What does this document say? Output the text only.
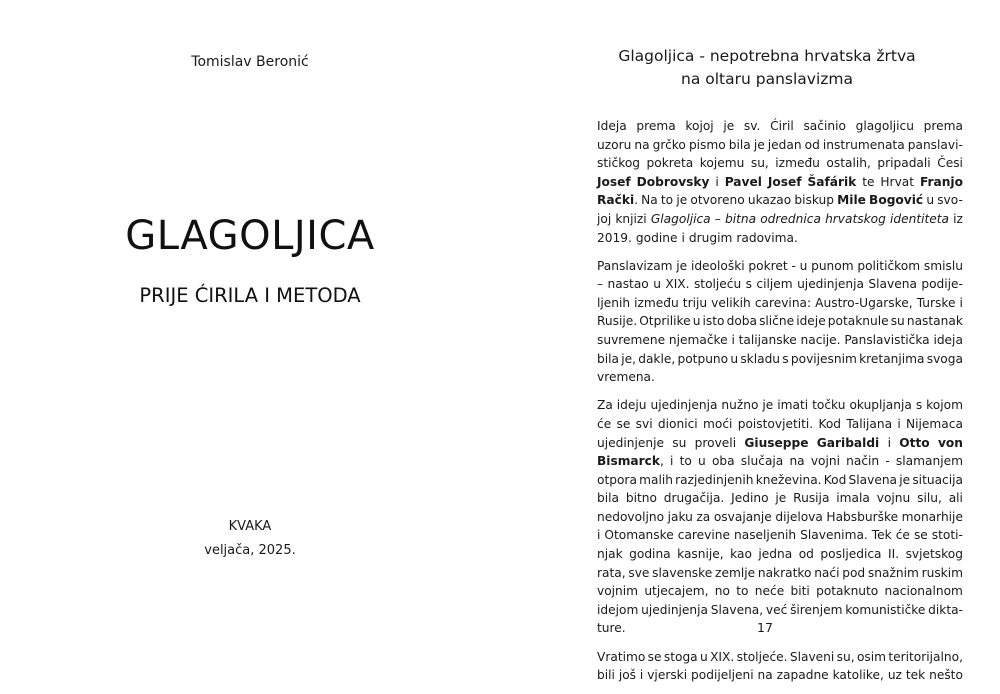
Tomislav Beronić
GLAGOLJICA
PRIJE ĆIRILA I METODA
KVAKA
veljača, 2025.
Glagoljica - nepotrebna hrvatska žrtva
na oltaru panslavizma
Ideja prema kojoj je sv. Ćiril sačinio glagoljicu prema
uzoru na grčko pismo bila je jedan od instrumenata panslavi-
stičkog pokreta kojemu su, između ostalih, pripadali Česi
Josef Dobrovsky i Pavel Josef Šafárik te Hrvat Franjo
Rački. Na to je otvoreno ukazao biskup Mile Bogović u svo-
joj knjizi Glagoljica – bitna odrednica hrvatskog identiteta iz
2019. godine i drugim radovima.
Panslavizam je ideološki pokret - u punom političkom smislu
– nastao u XIX. stoljeću s ciljem ujedinjenja Slavena podije-
ljenih između triju velikih carevina: Austro-Ugarske, Turske i
Rusije. Otprilike u isto doba slične ideje potaknule su nastanak
suvremene njemačke i talijanske nacije. Panslavistička ideja
bila je, dakle, potpuno u skladu s povijesnim kretanjima svoga
vremena.
Za ideju ujedinjenja nužno je imati točku okupljanja s kojom
će se svi dionici moći poistovjetiti. Kod Talijana i Nijemaca
ujedinjenje su proveli Giuseppe Garibaldi i Otto von
Bismarck, i to u oba slučaja na vojni način - slamanjem
otpora malih razjedinjenih kneževina. Kod Slavena je situacija
bila bitno drugačija. Jedino je Rusija imala vojnu silu, ali
nedovoljno jaku za osvajanje dijelova Habsburške monarhije
i Otomanske carevine naseljenih Slavenima. Tek će se stoti-
njak godina kasnije, kao jedna od posljedica II. svjetskog
rata, sve slavenske zemlje nakratko naći pod snažnim ruskim
vojnim utjecajem, no to neće biti potaknuto nacionalnom
idejom ujedinjenja Slavena, već širenjem komunističke dikta-
ture.
Vratimo se stoga u XIX. stoljeće. Slaveni su, osim teritorijalno,
bili još i vjerski podijeljeni na zapadne katolike, uz tek nešto
17
